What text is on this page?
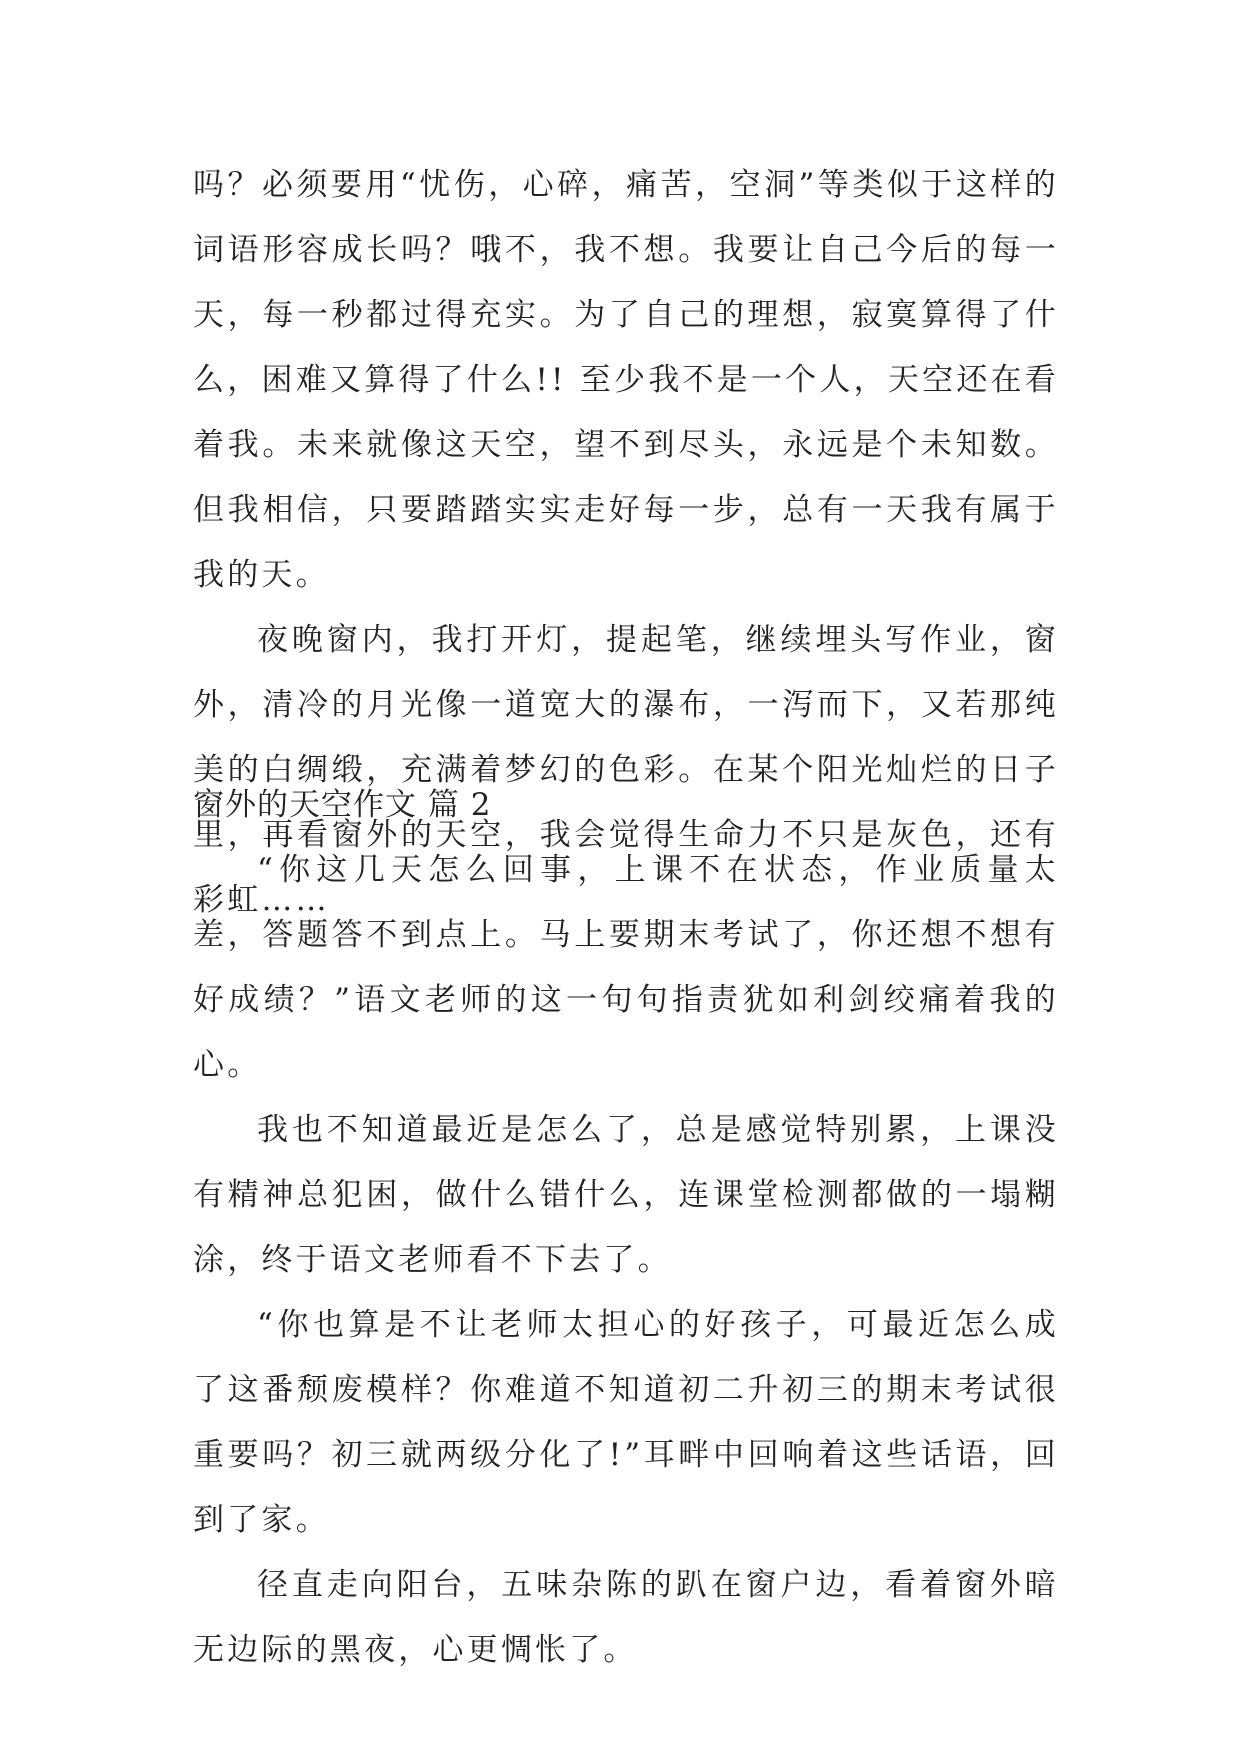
吗？必须要用“忧伤，心碎，痛苦，空洞”等类似于这样的词语形容成长吗？哦不，我不想。我要让自己今后的每一天，每一秒都过得充实。为了自己的理想，寂寞算得了什么，困难又算得了什么!! 至少我不是一个人，天空还在看着我。未来就像这天空，望不到尽头，永远是个未知数。但我相信，只要踏踏实实走好每一步，总有一天我有属于我的天。

夜晚窗内，我打开灯，提起笔，继续埋头写作业，窗外，清冷的月光像一道宽大的瀑布，一泻而下，又若那纯美的白绸缎，充满着梦幻的色彩。在某个阳光灿烂的日子里，再看窗外的天空，我会觉得生命力不只是灰色，还有彩虹……

窗外的天空作文 篇 2

“你这几天怎么回事，上课不在状态，作业质量太差，答题答不到点上。马上要期末考试了，你还想不想有好成绩？”语文老师的这一句句指责犹如利剑绞痛着我的心。

我也不知道最近是怎么了，总是感觉特别累，上课没有精神总犯困，做什么错什么，连课堂检测都做的一塌糊涂，终于语文老师看不下去了。

“你也算是不让老师太担心的好孩子，可最近怎么成了这番颓废模样？你难道不知道初二升初三的期末考试很重要吗？初三就两级分化了!”耳畔中回响着这些话语，回到了家。

径直走向阳台，五味杂陈的趴在窗户边，看着窗外暗无边际的黑夜，心更惆怅了。
